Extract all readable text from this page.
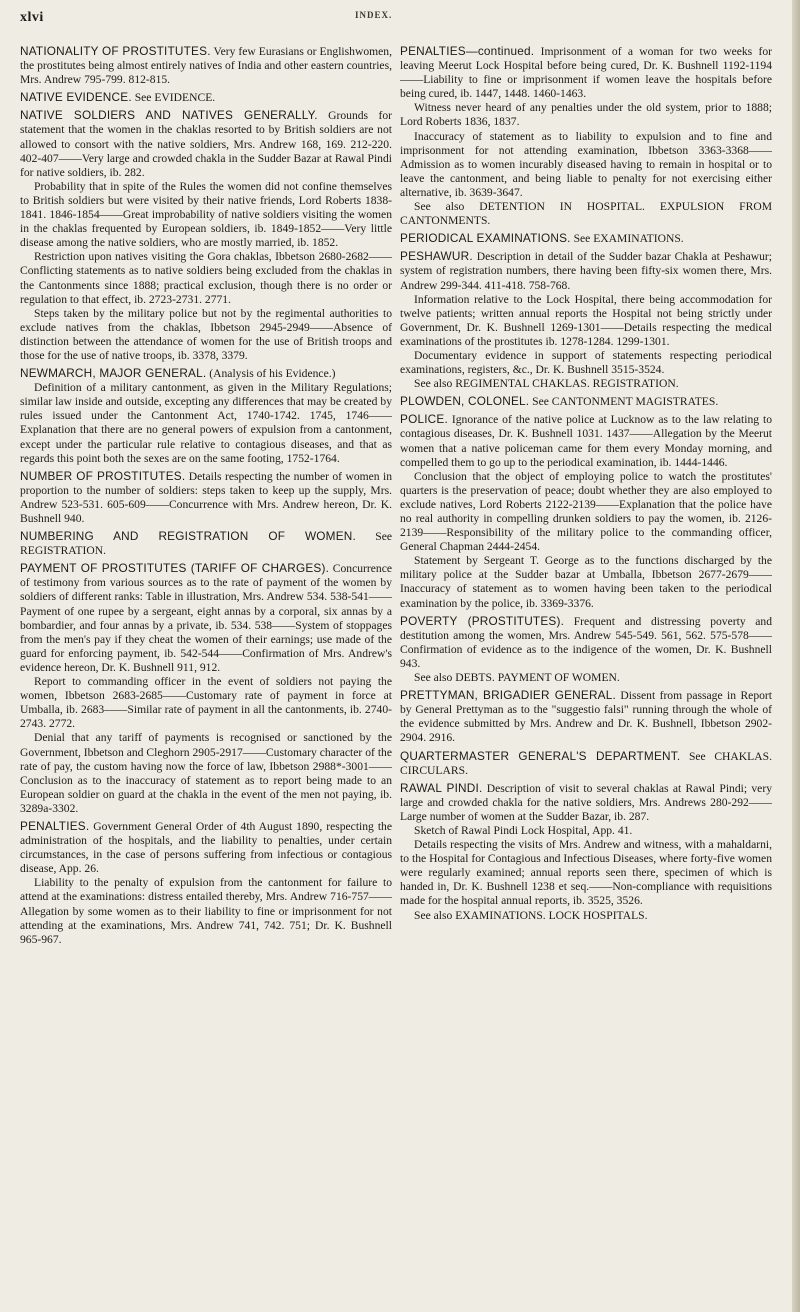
xlvi	INDEX.

NATIONALITY OF PROSTITUTES. Very few Eurasians or Englishwomen, the prostitutes being almost entirely natives of India and other eastern countries, Mrs. Andrew 795-799. 812-815.

NATIVE EVIDENCE. See EVIDENCE.

NATIVE SOLDIERS AND NATIVES GENERALLY. Grounds for statement that the women in the chaklas resorted to by British soldiers are not allowed to consort with the native soldiers, Mrs. Andrew 168, 169. 212-220. 402-407——Very large and crowded chakla in the Sudder Bazar at Rawal Pindi for native soldiers, ib. 282.

Probability that in spite of the Rules the women did not confine themselves to British soldiers but were visited by their native friends, Lord Roberts 1838-1841. 1846-1854——Great improbability of native soldiers visiting the women in the chaklas frequented by European soldiers, ib. 1849-1852——Very little disease among the native soldiers, who are mostly married, ib. 1852.

Restriction upon natives visiting the Gora chaklas, Ibbetson 2680-2682——Conflicting statements as to native soldiers being excluded from the chaklas in the Cantonments since 1888; practical exclusion, though there is no order or regulation to that effect, ib. 2723-2731. 2771.

Steps taken by the military police but not by the regimental authorities to exclude natives from the chaklas, Ibbetson 2945-2949——Absence of distinction between the attendance of women for the use of British troops and those for the use of native troops, ib. 3378, 3379.

NEWMARCH, MAJOR GENERAL. (Analysis of his Evidence.)

Definition of a military cantonment, as given in the Military Regulations; similar law inside and outside, excepting any differences that may be created by rules issued under the Cantonment Act, 1740-1742. 1745, 1746——Explanation that there are no general powers of expulsion from a cantonment, except under the particular rule relative to contagious diseases, and that as regards this point both the sexes are on the same footing, 1752-1764.

NUMBER OF PROSTITUTES. Details respecting the number of women in proportion to the number of soldiers: steps taken to keep up the supply, Mrs. Andrew 523-531. 605-609——Concurrence with Mrs. Andrew hereon, Dr. K. Bushnell 940.

NUMBERING AND REGISTRATION OF WOMEN. See REGISTRATION.

PAYMENT OF PROSTITUTES (TARIFF OF CHARGES). Concurrence of testimony from various sources as to the rate of payment of the women by soldiers of different ranks: Table in illustration, Mrs. Andrew 534. 538-541——Payment of one rupee by a sergeant, eight annas by a corporal, six annas by a bombardier, and four annas by a private, ib. 534. 538——System of stoppages from the men's pay if they cheat the women of their earnings; use made of the guard for enforcing payment, ib. 542-544——Confirmation of Mrs. Andrew's evidence hereon, Dr. K. Bushnell 911, 912.

Report to commanding officer in the event of soldiers not paying the women, Ibbetson 2683-2685——Customary rate of payment in force at Umballa, ib. 2683——Similar rate of payment in all the cantonments, ib. 2740-2743. 2772.

Denial that any tariff of payments is recognised or sanctioned by the Government, Ibbetson and Cleghorn 2905-2917——Customary character of the rate of pay, the custom having now the force of law, Ibbetson 2988*-3001——Conclusion as to the inaccuracy of statement as to report being made to an European soldier on guard at the chakla in the event of the men not paying, ib. 3289a-3302.

PENALTIES. Government General Order of 4th August 1890, respecting the administration of the hospitals, and the liability to penalties, under certain circumstances, in the case of persons suffering from infectious or contagious disease, App. 26.

Liability to the penalty of expulsion from the cantonment for failure to attend at the examinations: distress entailed thereby, Mrs. Andrew 716-757——Allegation by some women as to their liability to fine or imprisonment for not attending at the examinations, Mrs. Andrew 741, 742. 751; Dr. K. Bushnell 965-967.

PENALTIES—continued. Imprisonment of a woman for two weeks for leaving Meerut Lock Hospital before being cured, Dr. K. Bushnell 1192-1194——Liability to fine or imprisonment if women leave the hospitals before being cured, ib. 1447, 1448. 1460-1463.

Witness never heard of any penalties under the old system, prior to 1888; Lord Roberts 1836, 1837.

Inaccuracy of statement as to liability to expulsion and to fine and imprisonment for not attending examination, Ibbetson 3363-3368——Admission as to women incurably diseased having to remain in hospital or to leave the cantonment, and being liable to penalty for not exercising either alternative, ib. 3639-3647.

See also DETENTION IN HOSPITAL. EXPULSION FROM CANTONMENTS.

PERIODICAL EXAMINATIONS. See EXAMINATIONS.

PESHAWUR. Description in detail of the Sudder bazar Chakla at Peshawur; system of registration numbers, there having been fifty-six women there, Mrs. Andrew 299-344. 411-418. 758-768.

Information relative to the Lock Hospital, there being accommodation for twelve patients; written annual reports the Hospital not being strictly under Government, Dr. K. Bushnell 1269-1301——Details respecting the medical examinations of the prostitutes ib. 1278-1284. 1299-1301.

Documentary evidence in support of statements respecting periodical examinations, registers, &c., Dr. K. Bushnell 3515-3524.

See also REGIMENTAL CHAKLAS. REGISTRATION.

PLOWDEN, COLONEL. See CANTONMENT MAGISTRATES.

POLICE. Ignorance of the native police at Lucknow as to the law relating to contagious diseases, Dr. K. Bushnell 1031. 1437——Allegation by the Meerut women that a native policeman came for them every Monday morning, and compelled them to go up to the periodical examination, ib. 1444-1446.

Conclusion that the object of employing police to watch the prostitutes' quarters is the preservation of peace; doubt whether they are also employed to exclude natives, Lord Roberts 2122-2139——Explanation that the police have no real authority in compelling drunken soldiers to pay the women, ib. 2126-2139——Responsibility of the military police to the commanding officer, General Chapman 2444-2454.

Statement by Sergeant T. George as to the functions discharged by the military police at the Sudder bazar at Umballa, Ibbetson 2677-2679——Inaccuracy of statement as to women having been taken to the periodical examination by the police, ib. 3369-3376.

POVERTY (PROSTITUTES). Frequent and distressing poverty and destitution among the women, Mrs. Andrew 545-549. 561, 562. 575-578——Confirmation of evidence as to the indigence of the women, Dr. K. Bushnell 943.

See also DEBTS. PAYMENT OF WOMEN.

PRETTYMAN, BRIGADIER GENERAL. Dissent from passage in Report by General Prettyman as to the "suggestio falsi" running through the whole of the evidence submitted by Mrs. Andrew and Dr. K. Bushnell, Ibbetson 2902-2904. 2916.

QUARTERMASTER GENERAL'S DEPARTMENT. See CHAKLAS. CIRCULARS.

RAWAL PINDI. Description of visit to several chaklas at Rawal Pindi; very large and crowded chakla for the native soldiers, Mrs. Andrews 280-292——Large number of women at the Sudder Bazar, ib. 287.

Sketch of Rawal Pindi Lock Hospital, App. 41.

Details respecting the visits of Mrs. Andrew and witness, with a mahaldarni, to the Hospital for Contagious and Infectious Diseases, where forty-five women were regularly examined; annual reports seen there, specimen of which is handed in, Dr. K. Bushnell 1238 et seq.——Non-compliance with requisitions made for the hospital annual reports, ib. 3525, 3526.

See also EXAMINATIONS. LOCK HOSPITALS.
